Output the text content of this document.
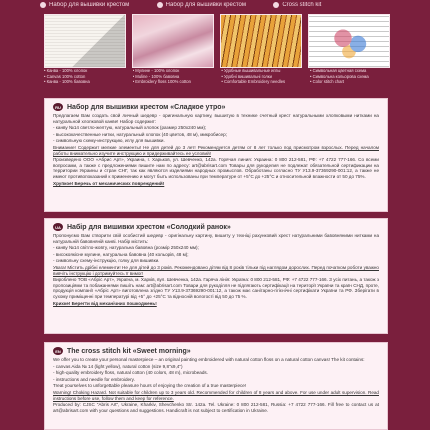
Набор для вышивки крестом	Набор для вышивки крестом	Cross stitch kit
• Канва - 100% хлопок
• Canvas 100% cotton
• Канва - 100% бавовна
• Мулине - 100% хлопок
• Muline - 100% бавовна
• Embroidery floss 100% cotton
• Удобные вышивальные иглы
• Удобні вишивальні голки
• Comfortable Embroidery needles
• Символьная цветная схема
• Символьна кольорова схема
• Color stitch chart
RU Набор для вышивки крестом «Сладкое утро»

Предлагаем Вам создать свой личный шедевр - оригинальную картину, вышитую в технике счетный крест натуральными хлопковыми нитками на натуральной хлопковой канве! Набор содержит:

- канву №14 светло-желтую, натуральный хлопок (размер 250х240 мм);

- высококачественные нитки, натуральный хлопок (40 цветов, 48 м), микробисер;

- символьную схему-инструкцию, иглу для вышивки.

Внимание! Содержит мелкие элементы! Не для детей до 3 лет! Рекомендуется детям от 8 лет только под присмотром взрослых. Перед началом работы внимательно изучите инструкцию и придерживайтесь ее условий!

Произведено ООО «Абрис Арт», Украина, г. Харьков, ул. Шевченко, 142а. Горячая линия: Украина: 0 800 212-581, РФ: +7 4722 777-166. Со всеми вопросами, а также с предложениями пишите нам по адресу: art@abrisart.com Товары для рукоделия не подлежат обязательной сертификации на территории Украины и стран СНГ, так как являются изделиями народных промыслов. Обработаны согласно ТУ У13.9-37369290-001:12, а также не имеют противопоказаний к применению и могут быть использованы при температуре от +5°С до +25°С и относительной влажности от 50 до 75%.

Хрупкое! Беречь от механических повреждений!

UA Набір для вишивки хрестом «Солодкий ранок»

Пропонуємо Вам створити свій особистий шедевр - оригінальну картину, вишиту у техніці рахунковий хрест натуральними бавовняними нитками на натуральній бавовняній канві. Набір містить:

- канву №14 світло-жовту, натуральна бавовна (розмір 250х240 мм);

- високоякісне мулине, натуральна бавовна (40 кольорів, 48 м);

- символьну схему-інструкцію, голку для вишивки.

Увага! Містить дрібні елементи! Не для дітей до 3 років. Рекомендовано дітям від 8 років тільки під наглядом дорослих. Перед початком роботи уважно вивчіть інструкцію і дотримуйтесь її вимог!

Вироблено ТОВ «Абріс Арт», Україна, м. Харків, вул. Шевченка, 142а. Гаряча лінія: Україна: 0 800 212-581, РФ: +7 4722 777-166. З усіх питань, а також з пропозиціями та побажаннями пишіть нам: art@abrisart.com Товари для рукоділля не підлягають сертифікації на території України та країн СНД, проте, продукція компанії «Абріс Арт» виготовлена згідно ТУ У13.9-37369290-001:12, а також має санітарно-гігієнічні сертифікати України та РФ. Зберігати в сухому приміщенні при температурі від +5° до +25°С та відносній вологості від 50 до 75 %.

Крихке! Берегти від механічних пошкоджень!

EN The cross stitch kit «Sweet morning»

We offer you to create your personal masterpiece – an original painting embroidered with natural cotton floss on a natural cotton canvas! The kit contains:

- canvas Aida № 14 (light yellow), natural cotton (size 9,8"х9,4")

- high-quality embroidery floss, natural cotton (40 colors, 48 m), microbeads.

- instructions and needle for embroidery.

Treat yourselves to unforgettable pleasure hours of enjoying the creation of a true masterpiece!

Warning! Choking Hazard. Not suitable for children up to 3 years old. Recommended for children of 8 years and above. For use under adult supervision. Read instructions before use, follow them and keep for reference.

Produced by: CJSC "Abris Art", Ukraine, Kharkiv, Shevchenko Str. 142a. Tel. Ukraine: 0 800 212-581, Russia: +7 4722 777-166. Fill free to contact us at art@abrisart.com with your questions and suggestions. Handicraft is not subject to certification in Ukraine.
